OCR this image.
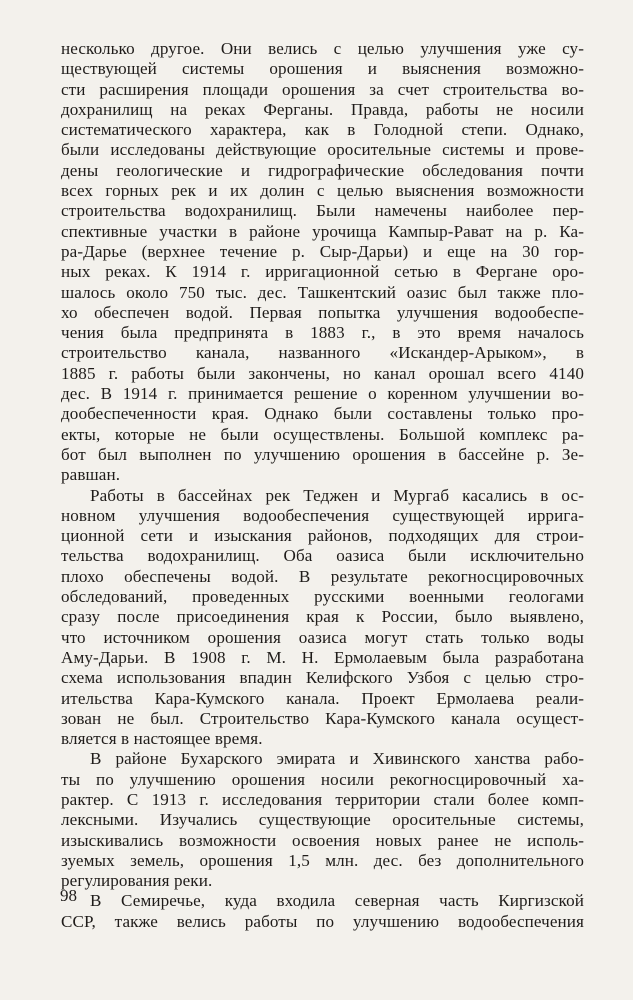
несколько другое. Они велись с целью улучшения уже су-
ществующей системы орошения и выяснения возможно-
сти расширения площади орошения за счет строительства во-
дохранилищ на реках Ферганы. Правда, работы не носили
систематического характера, как в Голодной степи. Однако,
были исследованы действующие оросительные системы и прове-
дены геологические и гидрографические обследования почти
всех горных рек и их долин с целью выяснения возможности
строительства водохранилищ. Были намечены наиболее пер-
спективные участки в районе урочища Кампыр-Рават на р. Ка-
ра-Дарье (верхнее течение р. Сыр-Дарьи) и еще на 30 гор-
ных реках. К 1914 г. ирригационной сетью в Фергане оро-
шалось около 750 тыс. дес. Ташкентский оазис был также пло-
хо обеспечен водой. Первая попытка улучшения водообеспе-
чения была предпринята в 1883 г., в это время началось
строительство канала, названного «Искандер-Арыком», в
1885 г. работы были закончены, но канал орошал всего 4140
дес. В 1914 г. принимается решение о коренном улучшении во-
дообеспеченности края. Однако были составлены только про-
екты, которые не были осуществлены. Большой комплекс ра-
бот был выполнен по улучшению орошения в бассейне р. Зе-
равшан.
Работы в бассейнах рек Теджен и Мургаб касались в ос-
новном улучшения водообеспечения существующей ирригa-
ционной сети и изыскания районов, подходящих для строи-
тельства водохранилищ. Оба оазиса были исключительно
плохо обеспечены водой. В результате рекогносцировочных
обследований, проведенных русскими военными геологами
сразу после присоединения края к России, было выявлено,
что источником орошения оазиса могут стать только воды
Аму-Дарьи. В 1908 г. М. Н. Ермолаевым была разработана
схема использования впадин Келифского Узбоя с целью стро-
ительства Кара-Кумского канала. Проект Ермолаева реали-
зован не был. Строительство Кара-Кумского канала осущест-
вляется в настоящее время.
В районе Бухарского эмирата и Хивинского ханства рабо-
ты по улучшению орошения носили рекогносцировочный ха-
рактер. С 1913 г. исследования территории стали более комп-
лексными. Изучались существующие оросительные системы,
изыскивались возможности освоения новых ранее не исполь-
зуемых земель, орошения 1,5 млн. дес. без дополнительного
регулирования реки.
В Семиречье, куда входила северная часть Киргизской
ССР, также велись работы по улучшению водообеспечения
98
